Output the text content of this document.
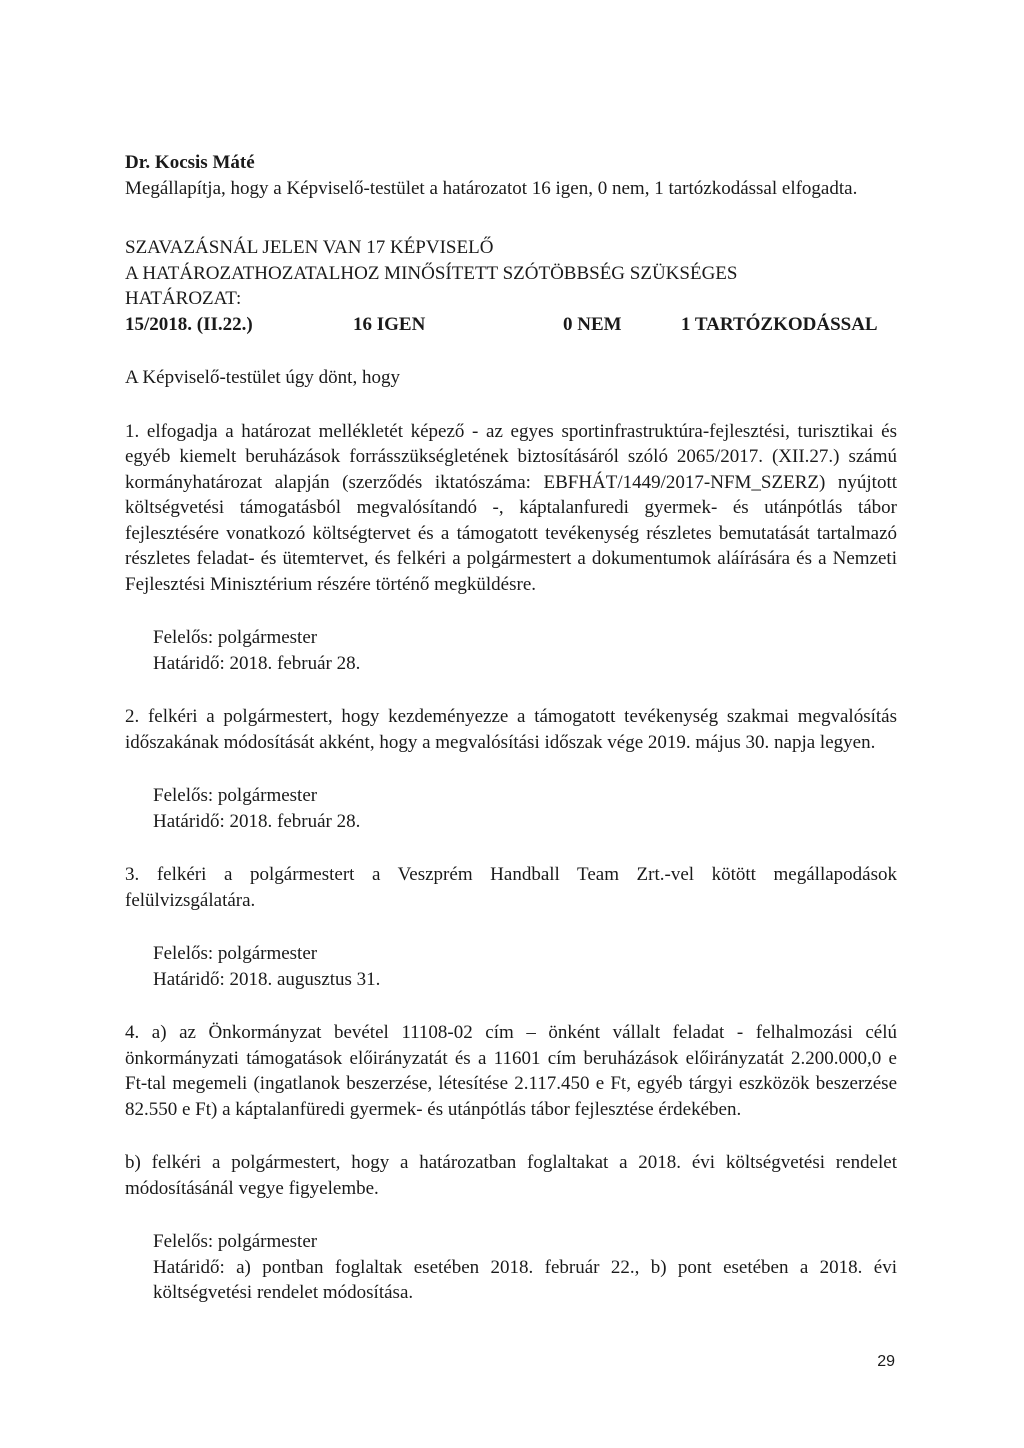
Dr. Kocsis Máté

Megállapítja, hogy a Képviselő-testület a határozatot 16 igen, 0 nem, 1 tartózkodással elfogadta.

SZAVAZÁSNÁL JELEN VAN 17 KÉPVISELŐ
A HATÁROZATHOZATALHOZ MINŐSÍTETT SZÓTÖBBSÉG SZÜKSÉGES
HATÁROZAT:
15/2018. (II.22.)	16 IGEN	0 NEM	1 TARTÓZKODÁSSAL

A Képviselő-testület úgy dönt, hogy

1. elfogadja a határozat mellékletét képező - az egyes sportinfrastruktúra-fejlesztési, turisztikai és egyéb kiemelt beruházások forrásszükségletének biztosításáról szóló 2065/2017. (XII.27.) számú kormányhatározat alapján (szerződés iktatószáma: EBFHÁT/1449/2017-NFM_SZERZ) nyújtott költségvetési támogatásból megvalósítandó -, káptalanfuredi gyermek- és utánpótlás tábor fejlesztésére vonatkozó költségtervet és a támogatott tevékenység részletes bemutatását tartalmazó részletes feladat- és ütemtervet, és felkéri a polgármestert a dokumentumok aláírására és a Nemzeti Fejlesztési Minisztérium részére történő megküldésre.

Felelős: polgármester
Határidő: 2018. február 28.

2. felkéri a polgármestert, hogy kezdeményezze a támogatott tevékenység szakmai megvalósítás időszakának módosítását akként, hogy a megvalósítási időszak vége 2019. május 30. napja legyen.

Felelős: polgármester
Határidő: 2018. február 28.

3. felkéri a polgármestert a Veszprém Handball Team Zrt.-vel kötött megállapodások felülvizsgálatára.

Felelős: polgármester
Határidő: 2018. augusztus 31.

4. a) az Önkormányzat bevétel 11108-02 cím – önként vállalt feladat - felhalmozási célú önkormányzati támogatások előirányzatát és a 11601 cím beruházások előirányzatát 2.200.000,0 e Ft-tal megemeli (ingatlanok beszerzése, létesítése 2.117.450 e Ft, egyéb tárgyi eszközök beszerzése 82.550 e Ft) a káptalanfüredi gyermek- és utánpótlás tábor fejlesztése érdekében.

b) felkéri a polgármestert, hogy a határozatban foglaltakat a 2018. évi költségvetési rendelet módosításánál vegye figyelembe.

Felelős: polgármester
Határidő: a) pontban foglaltak esetében 2018. február 22., b) pont esetében a 2018. évi költségvetési rendelet módosítása.
29
